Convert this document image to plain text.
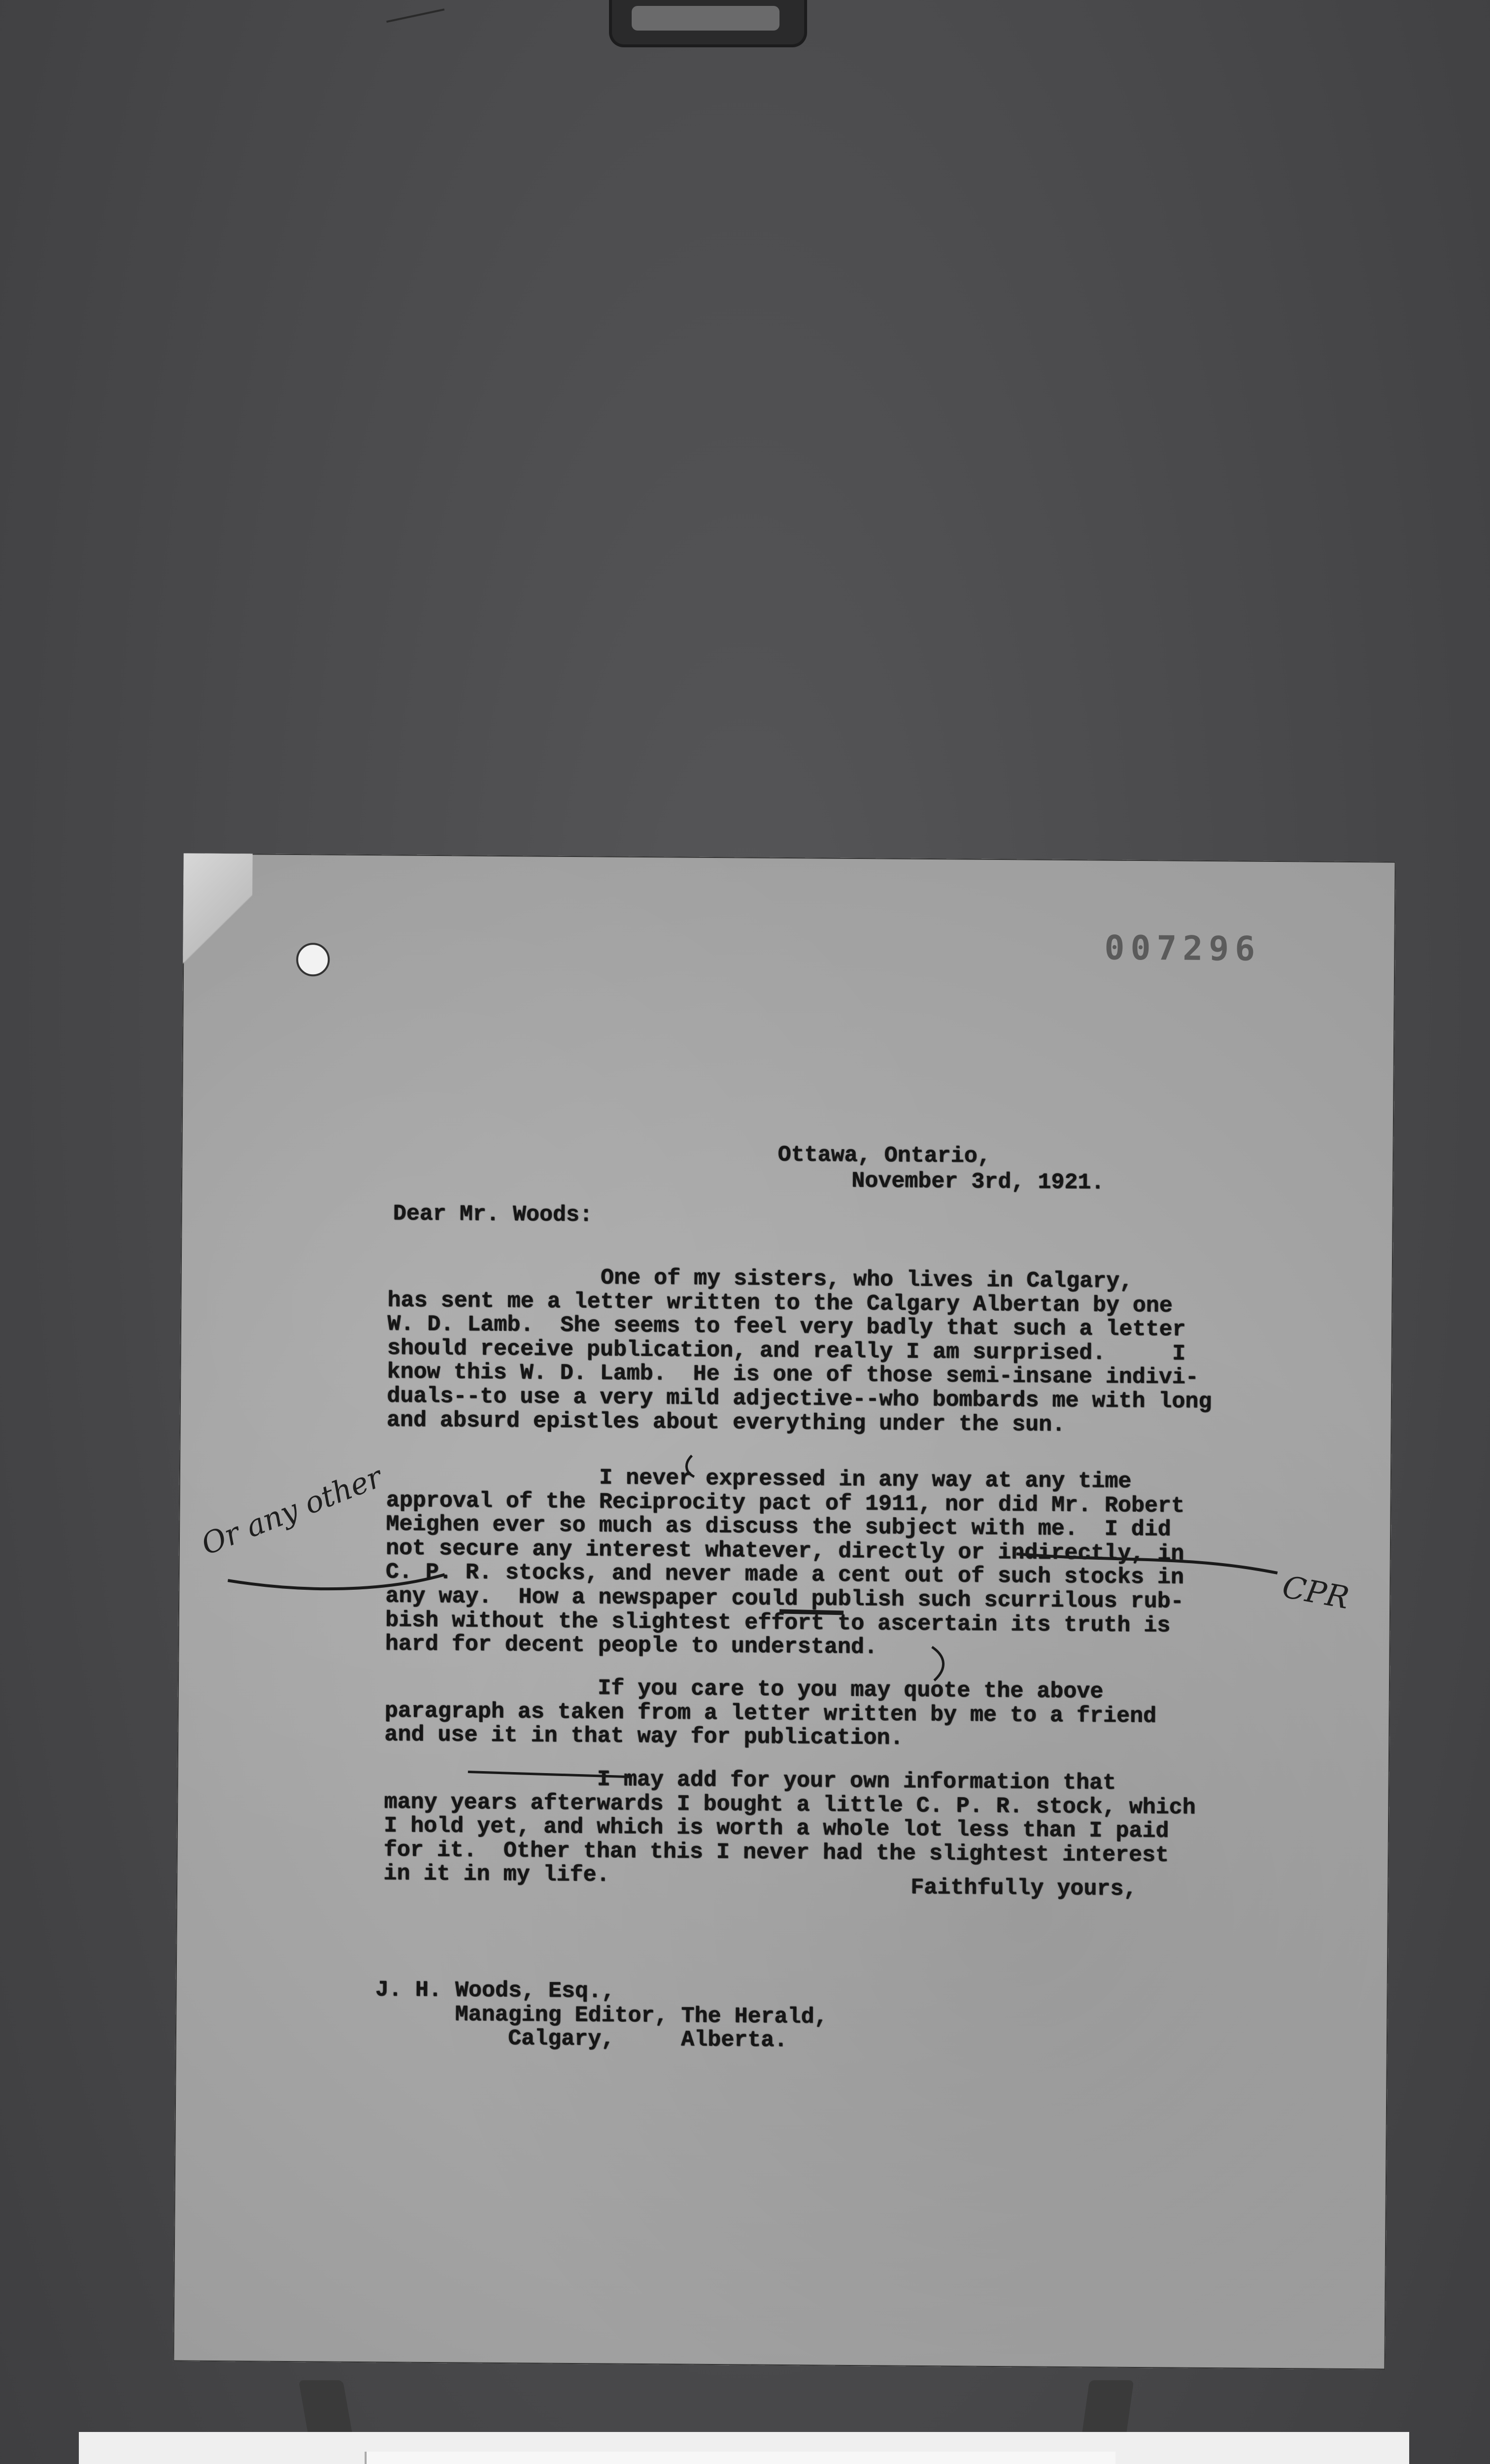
007296
Ottawa, Ontario,
November 3rd, 1921.
Dear Mr. Woods:
One of my sisters, who lives in Calgary,
has sent me a letter written to the Calgary Albertan by one
W. D. Lamb.  She seems to feel very badly that such a letter
should receive publication, and really I am surprised.     I
know this W. D. Lamb.  He is one of those semi-insane indivi-
duals--to use a very mild adjective--who bombards me with long
and absurd epistles about everything under the sun.
I never expressed in any way at any time
approval of the Reciprocity pact of 1911, nor did Mr. Robert
Meighen ever so much as discuss the subject with me.  I did
not secure any interest whatever, directly or indirectly, in
C. P. R. stocks, and never made a cent out of such stocks in
any way.  How a newspaper could publish such scurrilous rub-
bish without the slightest effort to ascertain its truth is
hard for decent people to understand.
If you care to you may quote the above
paragraph as taken from a letter written by me to a friend
and use it in that way for publication.
I may add for your own information that
many years afterwards I bought a little C. P. R. stock, which
I hold yet, and which is worth a whole lot less than I paid
for it.  Other than this I never had the slightest interest
in it in my life.
Faithfully yours,
J. H. Woods, Esq.,
Managing Editor, The Herald,
Calgary,     Alberta.
Or any other
CPR
